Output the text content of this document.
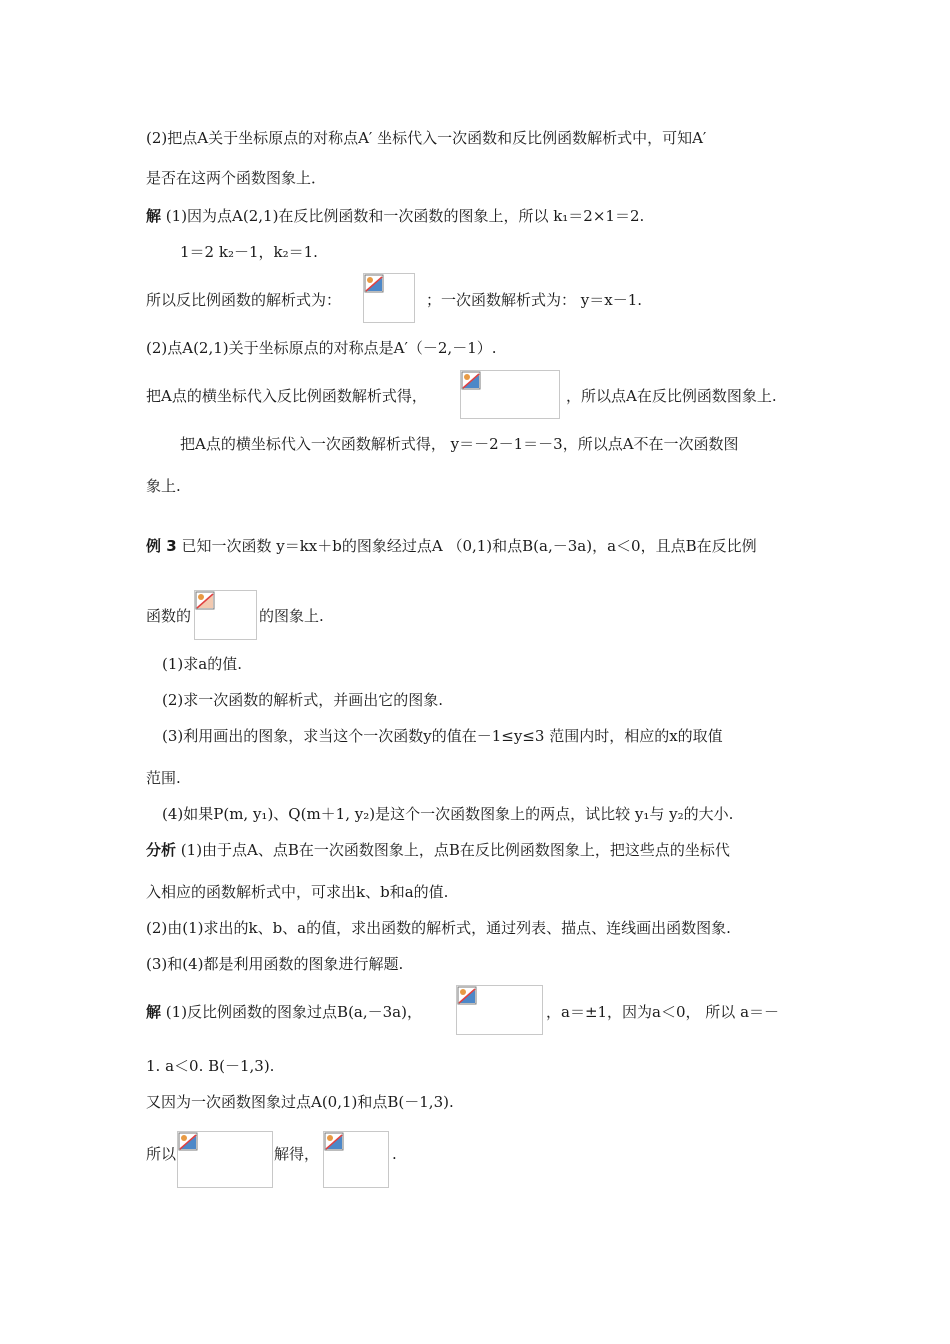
(2)把点A关于坐标原点的对称点A′ 坐标代入一次函数和反比例函数解析式中，可知A′
是否在这两个函数图象上．
解 (1)因为点A(2,1)在反比例函数和一次函数的图象上，所以 k₁＝2×1＝2.
1＝2 k₂－1，k₂＝1.
所以反比例函数的解析式为：	；一次函数解析式为： y＝x－1.
(2)点A(2,1)关于坐标原点的对称点是A′（－2,－1）.
把A点的横坐标代入反比例函数解析式得，	，所以点A在反比例函数图象上.
把A点的横坐标代入一次函数解析式得， y＝－2－1＝－3，所以点A不在一次函数图
象上.
例 3 已知一次函数 y＝kx＋b的图象经过点A （0,1)和点B(a,－3a)，a＜0，且点B在反比例
函数的	的图象上.
(1)求a的值.
(2)求一次函数的解析式，并画出它的图象.
(3)利用画出的图象，求当这个一次函数y的值在－1≤y≤3 范围内时，相应的x的取值
范围.
(4)如果P(m, y₁)、Q(m＋1, y₂)是这个一次函数图象上的两点，试比较 y₁与 y₂的大小.
分析 (1)由于点A、点B在一次函数图象上，点B在反比例函数图象上，把这些点的坐标代
入相应的函数解析式中，可求出k、b和a的值.
(2)由(1)求出的k、b、a的值，求出函数的解析式，通过列表、描点、连线画出函数图象.
(3)和(4)都是利用函数的图象进行解题.
解 (1)反比例函数的图象过点B(a,－3a)，	，a＝±1，因为a＜0， 所以 a＝－
1. a＜0. B(－1,3).
又因为一次函数图象过点A(0,1)和点B(－1,3).
所以	解得，	.
